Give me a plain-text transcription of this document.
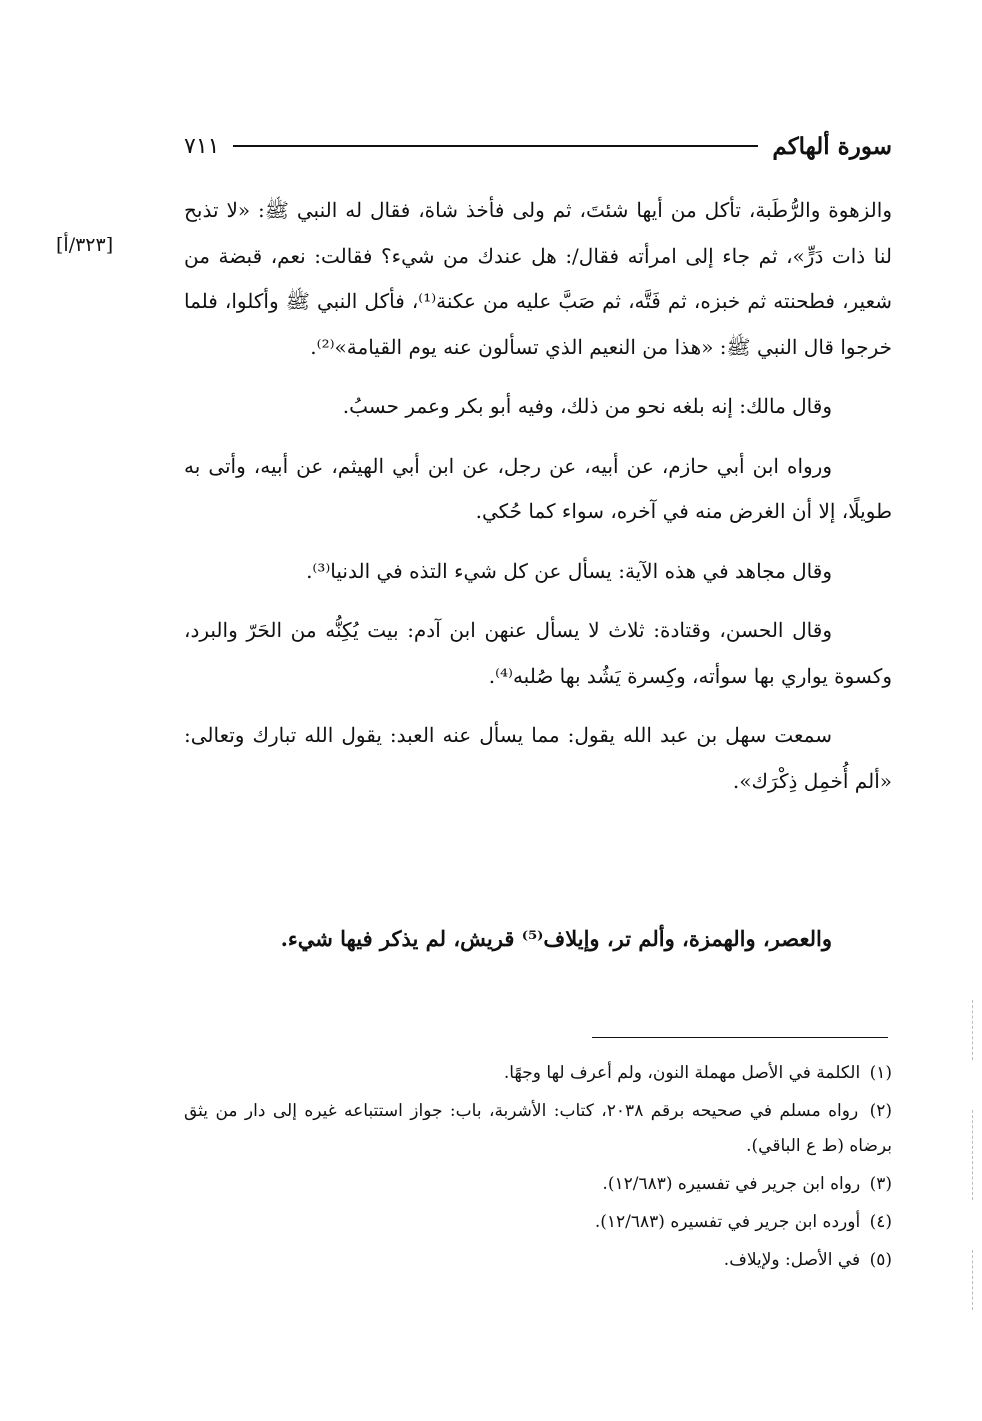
سورة ألهاكم
٧١١
[٣٢٣/أ]

والزهوة والرُّطَبة، تأكل من أيها شئتَ، ثم ولى فأخذ شاة، فقال له النبي ﷺ: «لا تذبح لنا ذات دَرٍّ»، ثم جاء إلى امرأته فقال/: هل عندك من شيء؟ فقالت: نعم، قبضة من شعير، فطحنته ثم خبزه، ثم فَتَّه، ثم صَبَّ عليه من عكنة⁽¹⁾، فأكل النبي ﷺ وأكلوا، فلما خرجوا قال النبي ﷺ: «هذا من النعيم الذي تسألون عنه يوم القيامة»⁽²⁾.

وقال مالك: إنه بلغه نحو من ذلك، وفيه أبو بكر وعمر حسبُ.

ورواه ابن أبي حازم، عن أبيه، عن رجل، عن ابن أبي الهيثم، عن أبيه، وأتى به طويلًا، إلا أن الغرض منه في آخره، سواء كما حُكي.

وقال مجاهد في هذه الآية: يسأل عن كل شيء التذه في الدنيا⁽³⁾.

وقال الحسن، وقتادة: ثلاث لا يسأل عنهن ابن آدم: بيت يُكِنُّه من الحَرّ والبرد، وكسوة يواري بها سوأته، وكِسرة يَشُد بها صُلبه⁽⁴⁾.

سمعت سهل بن عبد الله يقول: مما يسأل عنه العبد: يقول الله تبارك وتعالى: «ألم أُخمِل ذِكْرَك».

والعصر، والهمزة، وألم تر، وإيلاف⁽⁵⁾ قريش، لم يذكر فيها شيء.

(١) الكلمة في الأصل مهملة النون، ولم أعرف لها وجهًا.

(٢) رواه مسلم في صحيحه برقم ٢٠٣٨، كتاب: الأشربة، باب: جواز استتباعه غيره إلى دار من يثق برضاه (ط ع الباقي).

(٣) رواه ابن جرير في تفسيره (١٢/٦٨٣).

(٤) أورده ابن جرير في تفسيره (١٢/٦٨٣).

(٥) في الأصل: ولإيلاف.
